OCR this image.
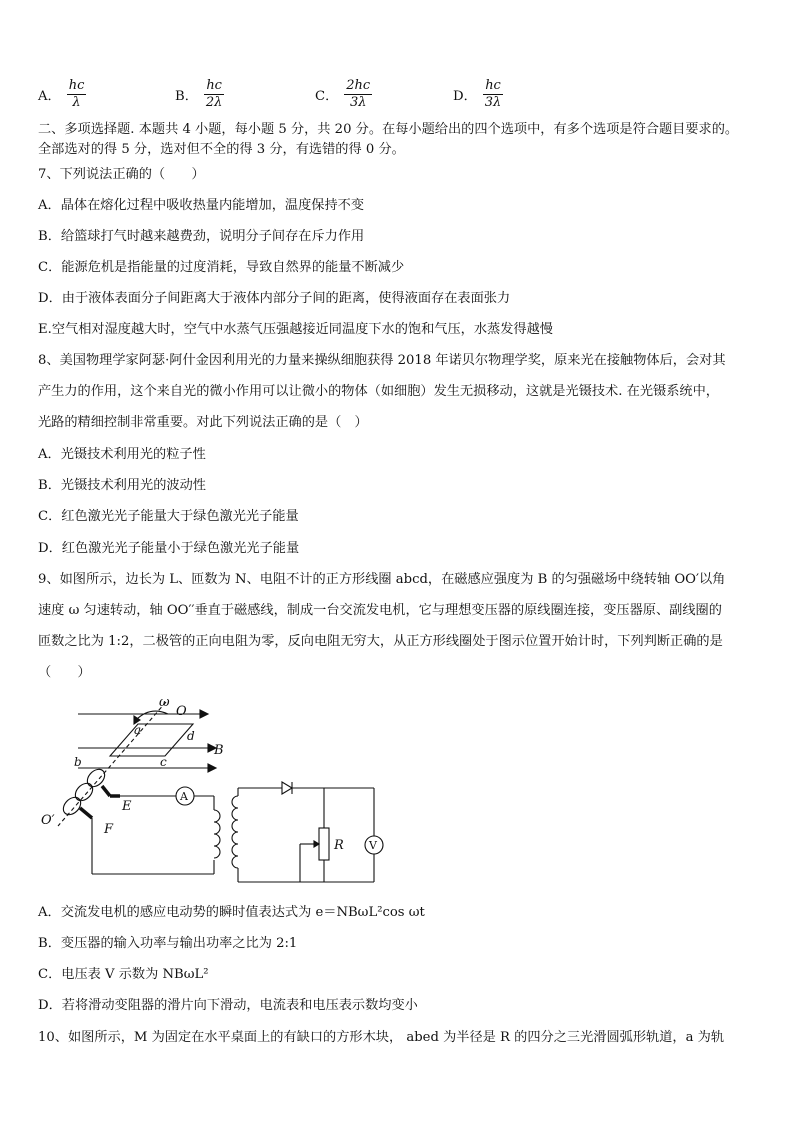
A． $\frac{hc}{\lambda}$	B． $\frac{hc}{2\lambda}$	C． $\frac{2hc}{3\lambda}$	D． $\frac{hc}{3\lambda}$
二、多项选择题. 本题共 4 小题，每小题 5 分，共 20 分。在每小题给出的四个选项中，有多个选项是符合题目要求的。
全部选对的得 5 分，选对但不全的得 3 分，有选错的得 0 分。
7、下列说法正确的（　　）
A．晶体在熔化过程中吸收热量内能增加，温度保持不变
B．给篮球打气时越来越费劲，说明分子间存在斥力作用
C．能源危机是指能量的过度消耗，导致自然界的能量不断减少
D．由于液体表面分子间距离大于液体内部分子间的距离，使得液面存在表面张力
E.空气相对湿度越大时，空气中水蒸气压强越接近同温度下水的饱和气压，水蒸发得越慢
8、美国物理学家阿瑟·阿什金因利用光的力量来操纵细胞获得 2018 年诺贝尔物理学奖，原来光在接触物体后，会对其
产生力的作用，这个来自光的微小作用可以让微小的物体（如细胞）发生无损移动，这就是光镊技术. 在光镊系统中，
光路的精细控制非常重要。对此下列说法正确的是（　）
A．光镊技术利用光的粒子性
B．光镊技术利用光的波动性
C．红色激光光子能量大于绿色激光光子能量
D．红色激光光子能量小于绿色激光光子能量
9、如图所示，边长为 L、匝数为 N、电阻不计的正方形线圈 abcd，在磁感应强度为 B 的匀强磁场中绕转轴 OO′以角
速度 ω 匀速转动，轴 OO′′垂直于磁感线，制成一台交流发电机，它与理想变压器的原线圈连接，变压器原、副线圈的
匝数之比为 1:2，二极管的正向电阻为零，反向电阻无穷大，从正方形线圈处于图示位置开始计时，下列判断正确的是
（　　）
ω
O
a	d
B
b	c
E
A
O′
F
R V
A．交流发电机的感应电动势的瞬时值表达式为 e＝NBωL²cos ωt
B．变压器的输入功率与输出功率之比为 2:1
C．电压表 V 示数为 NBωL²
D．若将滑动变阻器的滑片向下滑动，电流表和电压表示数均变小
10、如图所示，M 为固定在水平桌面上的有缺口的方形木块， abed 为半径是 R 的四分之三光滑圆弧形轨道，a 为轨
